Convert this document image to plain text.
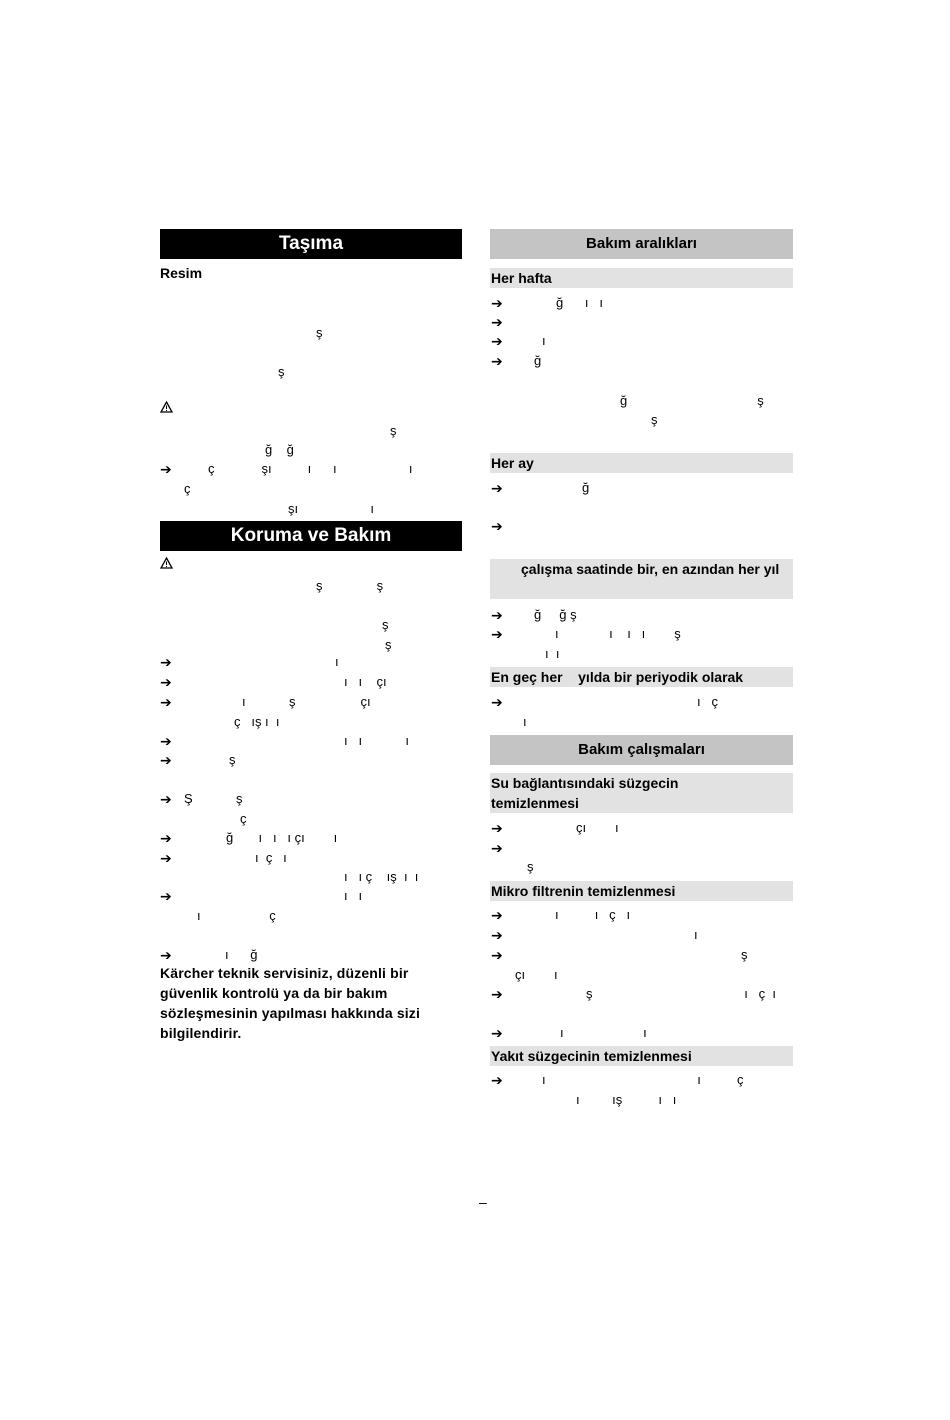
Taşıma
Resim
ş
ş
ş
ğ    ğ
➔	ç             şı          ı      ı                    ı
ç
şı                    ı
Koruma ve Bakım
ş               ş
ş
ş
➔	ı
➔	ı   ı    çı
➔	ı            ş                  çı
ç   ış ı  ı
➔	ı   ı            ı
➔	ş
➔ Ş            ş
ç
➔	ğ       ı   ı   ı çı        ı
➔	ı  ç   ı
ı   ı ç    ış  ı  ı
➔	ı   ı
ı                   ç
➔	ı      ğ
Kärcher teknik servisiniz, düzenli bir güvenlik kontrolü ya da bir bakım sözleşmesinin yapılması hakkında sizi bilgilendirir.
Bakım aralıkları
Her hafta
➔	ğ      ı   ı
➔
➔	ı
➔ ğ
ğ                                    ş
ş
Her ay
➔	ğ
➔
çalışma saatinde bir, en azından her yıl
➔ ğ     ğ ş
➔	ı              ı    ı   ı        ş
ı  ı
En geç her    yılda bir periyodik olarak
➔	ı   ç
ı
Bakım çalışmaları
Su bağlantısındaki süzgecin temizlenmesi
➔	çı        ı
➔
ş
Mikro filtrenin temizlenmesi
➔	ı          ı   ç   ı
➔	ı
➔	ş
çı        ı
➔	ş                                          ı   ç  ı
➔	ı                      ı
Yakıt süzgecinin temizlenmesi
➔	ı                                          ı          ç
ı         ış          ı   ı
–
